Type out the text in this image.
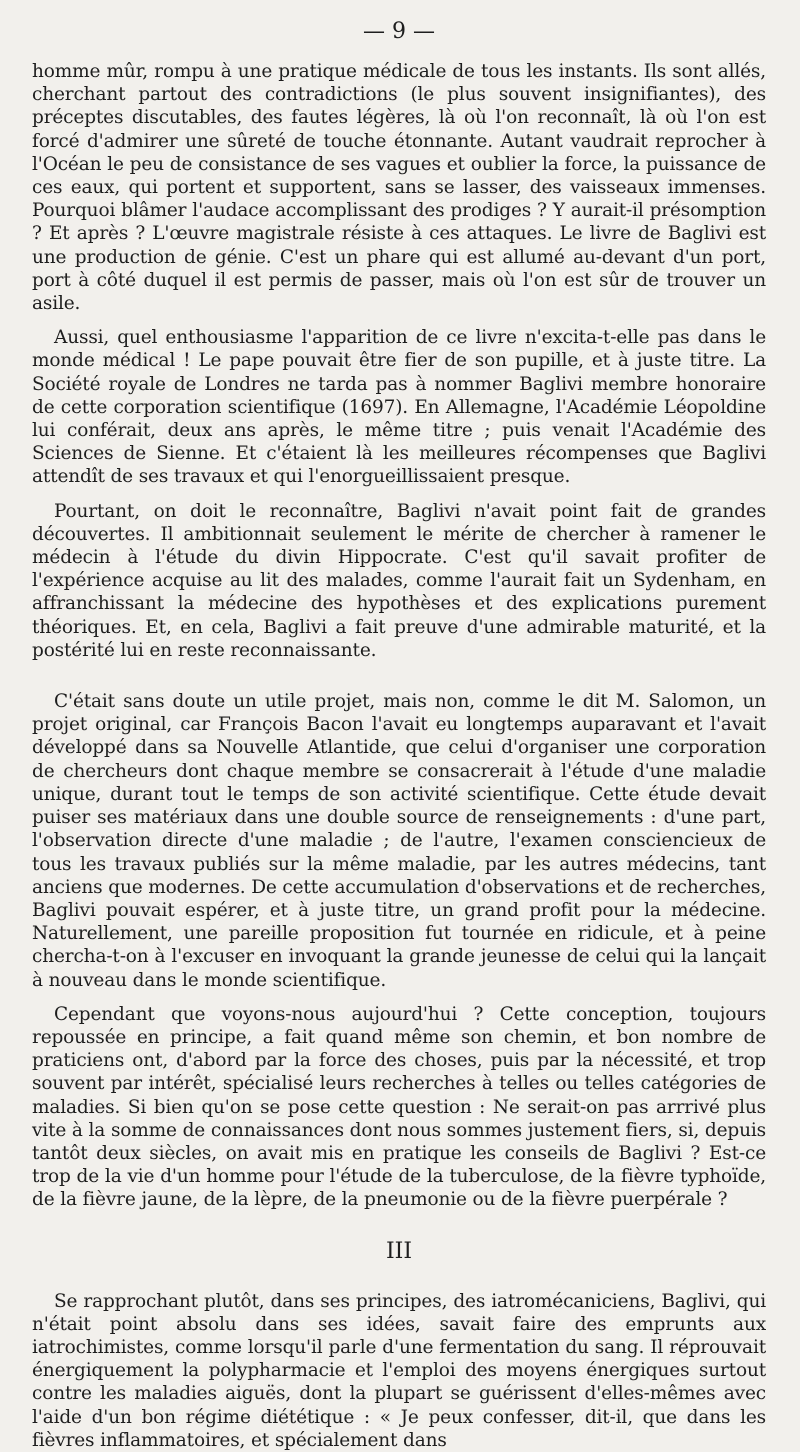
— 9 —

homme mûr, rompu à une pratique médicale de tous les instants. Ils sont allés, cherchant partout des contradictions (le plus souvent insignifiantes), des préceptes discutables, des fautes légères, là où l'on reconnaît, là où l'on est forcé d'admirer une sûreté de touche étonnante. Autant vaudrait reprocher à l'Océan le peu de consistance de ses vagues et oublier la force, la puissance de ces eaux, qui portent et supportent, sans se lasser, des vaisseaux immenses. Pourquoi blâmer l'audace accomplissant des prodiges ? Y aurait-il présomption ? Et après ? L'œuvre magistrale résiste à ces attaques. Le livre de Baglivi est une production de génie. C'est un phare qui est allumé au-devant d'un port, port à côté duquel il est permis de passer, mais où l'on est sûr de trouver un asile.

Aussi, quel enthousiasme l'apparition de ce livre n'excita-t-elle pas dans le monde médical ! Le pape pouvait être fier de son pupille, et à juste titre. La Société royale de Londres ne tarda pas à nommer Baglivi membre honoraire de cette corporation scientifique (1697). En Allemagne, l'Académie Léopoldine lui conférait, deux ans après, le même titre ; puis venait l'Académie des Sciences de Sienne. Et c'étaient là les meilleures récompenses que Baglivi attendît de ses travaux et qui l'enorgueillissaient presque.

Pourtant, on doit le reconnaître, Baglivi n'avait point fait de grandes découvertes. Il ambitionnait seulement le mérite de chercher à ramener le médecin à l'étude du divin Hippocrate. C'est qu'il savait profiter de l'expérience acquise au lit des malades, comme l'aurait fait un Sydenham, en affranchissant la médecine des hypothèses et des explications purement théoriques. Et, en cela, Baglivi a fait preuve d'une admirable maturité, et la postérité lui en reste reconnaissante.

C'était sans doute un utile projet, mais non, comme le dit M. Salomon, un projet original, car François Bacon l'avait eu longtemps auparavant et l'avait développé dans sa Nouvelle Atlantide, que celui d'organiser une corporation de chercheurs dont chaque membre se consacrerait à l'étude d'une maladie unique, durant tout le temps de son activité scientifique. Cette étude devait puiser ses matériaux dans une double source de renseignements : d'une part, l'observation directe d'une maladie ; de l'autre, l'examen consciencieux de tous les travaux publiés sur la même maladie, par les autres médecins, tant anciens que modernes. De cette accumulation d'observations et de recherches, Baglivi pouvait espérer, et à juste titre, un grand profit pour la médecine. Naturellement, une pareille proposition fut tournée en ridicule, et à peine chercha-t-on à l'excuser en invoquant la grande jeunesse de celui qui la lançait à nouveau dans le monde scientifique.

Cependant que voyons-nous aujourd'hui ? Cette conception, toujours repoussée en principe, a fait quand même son chemin, et bon nombre de praticiens ont, d'abord par la force des choses, puis par la nécessité, et trop souvent par intérêt, spécialisé leurs recherches à telles ou telles catégories de maladies. Si bien qu'on se pose cette question : Ne serait-on pas arrrivé plus vite à la somme de connaissances dont nous sommes justement fiers, si, depuis tantôt deux siècles, on avait mis en pratique les conseils de Baglivi ? Est-ce trop de la vie d'un homme pour l'étude de la tuberculose, de la fièvre typhoïde, de la fièvre jaune, de la lèpre, de la pneumonie ou de la fièvre puerpérale ?

III

Se rapprochant plutôt, dans ses principes, des iatromécaniciens, Baglivi, qui n'était point absolu dans ses idées, savait faire des emprunts aux iatrochimistes, comme lorsqu'il parle d'une fermentation du sang. Il réprouvait énergiquement la polypharmacie et l'emploi des moyens énergiques surtout contre les maladies aiguës, dont la plupart se guérissent d'elles-mêmes avec l'aide d'un bon régime diététique : « Je peux confesser, dit-il, que dans les fièvres inflammatoires, et spécialement dans
